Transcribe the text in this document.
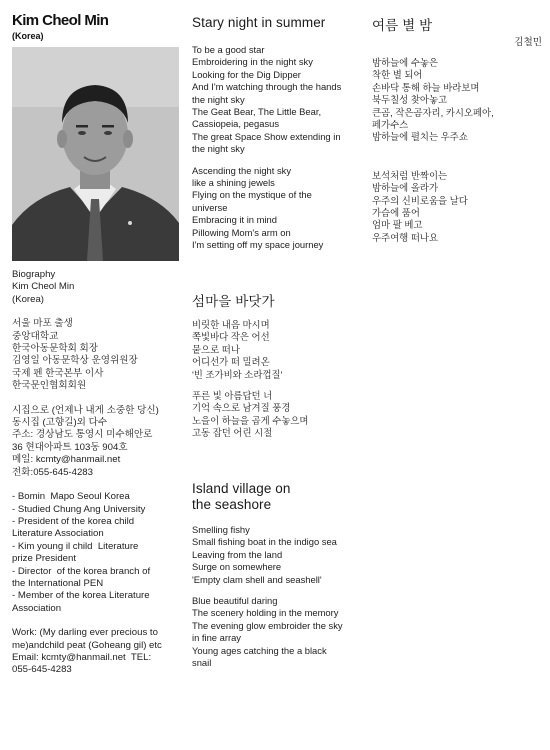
Kim Cheol Min
(Korea)
Biography
Kim Cheol Min
(Korea)
서울 마포 출생
중앙대학교
한국아동문학회 회장
김영일 아동문학상 운영위원장
국제 펜 한국본부 이사
한국문인협회회원
시집으로 (언제나 내게 소중한 당신)
동시집 (고향길)외 다수
주소: 경상남도 통영시 미수해안로
36 현대아파트 103동 904호
메일: kcmty@hanmail.net
전화:055-645-4283
- Bomin  Mapo Seoul Korea
- Studied Chung Ang University
- President of the korea child
Literature Association
- Kim young il child  Literature
prize President
- Director  of the korea branch of
the International PEN
- Member of the korea Literature
Association
Work: (My darling ever precious to
me)andchild peat (Goheang gil) etc
Email: kcmty@hanmail.net  TEL:
055-645-4283
Stary night in summer
To be a good star
Embroidering in the night sky
Looking for the Dig Dipper
And I'm watching through the hands
the night sky
The Geat Bear, The Little Bear,
Cassiopeia, pegasus
The great Space Show extending in
the night sky
Ascending the night sky
like a shining jewels
Flying on the mystique of the
universe
Embracing it in mind
Pillowing Mom's arm on
I'm setting off my space journey
섬마을 바닷가
비릿한 내음 마시며
쪽빛바다 작은 어선
뭍으로 떠나
어디선가 떠 밀려온
'빈 조가비와 소라껍질'
푸른 빛 아름답던 너
기억 속으로 남겨질 풍경
노을이 하늘을 곱게 수놓으며
고동 잡던 어린 시절
Island village on
the seashore
Smelling fishy
Small fishing boat in the indigo sea
Leaving from the land
Surge on somewhere
'Empty clam shell and seashell'
Blue beautiful daring
The scenery holding in the memory
The evening glow embroider the sky
in fine array
Young ages catching the a black
snail
여름 별 밤
김철민
밤하늘에 수놓은
착한 별 되어
손바닥 통해 하늘 바라보며
북두칠성 찾아놓고
큰곰, 작은곰자리, 카시오페아,
페가수스
밤하늘에 펼치는 우주쇼
보석처럼 반짝이는
밤하늘에 올라가
우주의 신비로움을 날다
가슴에 품어
엄마 팔 베고
우주여행 떠나요
